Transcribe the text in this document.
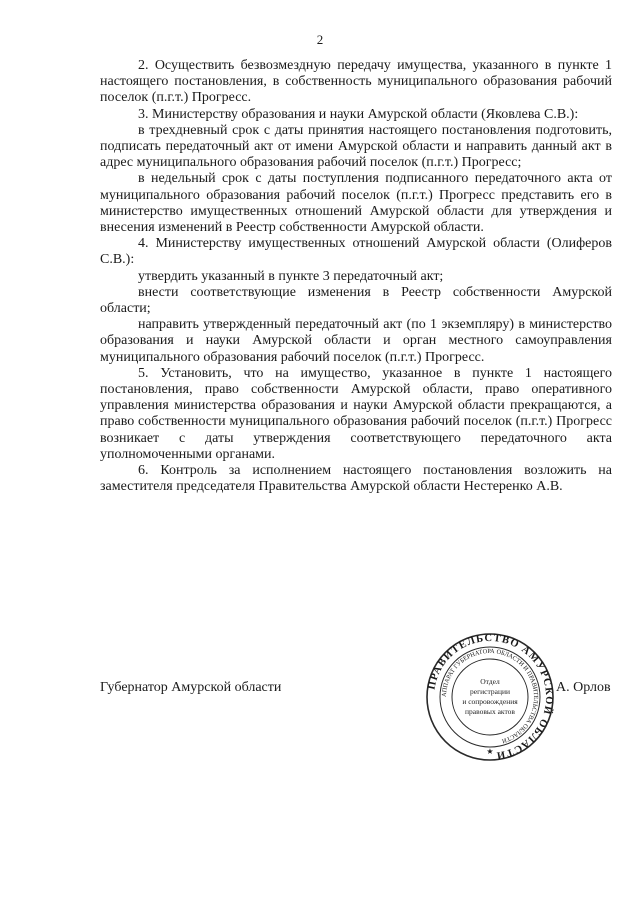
2

2. Осуществить безвозмездную передачу имущества, указанного в пункте 1 настоящего постановления, в собственность муниципального образования рабочий поселок (п.г.т.) Прогресс.

3. Министерству образования и науки Амурской области (Яковлева С.В.):

в трехдневный срок с даты принятия настоящего постановления подготовить, подписать передаточный акт от имени Амурской области и направить данный акт в адрес муниципального образования рабочий поселок (п.г.т.) Прогресс;

в недельный срок с даты поступления подписанного передаточного акта от муниципального образования рабочий поселок (п.г.т.) Прогресс представить его в министерство имущественных отношений Амурской области для утверждения и внесения изменений в Реестр собственности Амурской области.

4. Министерству имущественных отношений Амурской области (Олиферов С.В.):

утвердить указанный в пункте 3 передаточный акт;

внести соответствующие изменения в Реестр собственности Амурской области;

направить утвержденный передаточный акт (по 1 экземпляру) в министерство образования и науки Амурской области и орган местного самоуправления муниципального образования рабочий поселок (п.г.т.) Прогресс.

5. Установить, что на имущество, указанное в пункте 1 настоящего постановления, право собственности Амурской области, право оперативного управления министерства образования и науки Амурской области прекращаются, а право собственности муниципального образования рабочий поселок (п.г.т.) Прогресс возникает с даты утверждения соответствующего передаточного акта уполномоченными органами.

6. Контроль за исполнением настоящего постановления возложить на заместителя председателя Правительства Амурской области Нестеренко А.В.

Губернатор Амурской области	А. Орлов
ПРАВИТЕЛЬСТВО АМУРСКОЙ ОБЛАСТИ
АППАРАТ ГУБЕРНАТОРА ОБЛАСТИ И ПРАВИТЕЛЬСТВА ОБЛАСТИ
Отдел
регистрации
и сопровождения
правовых актов
★
